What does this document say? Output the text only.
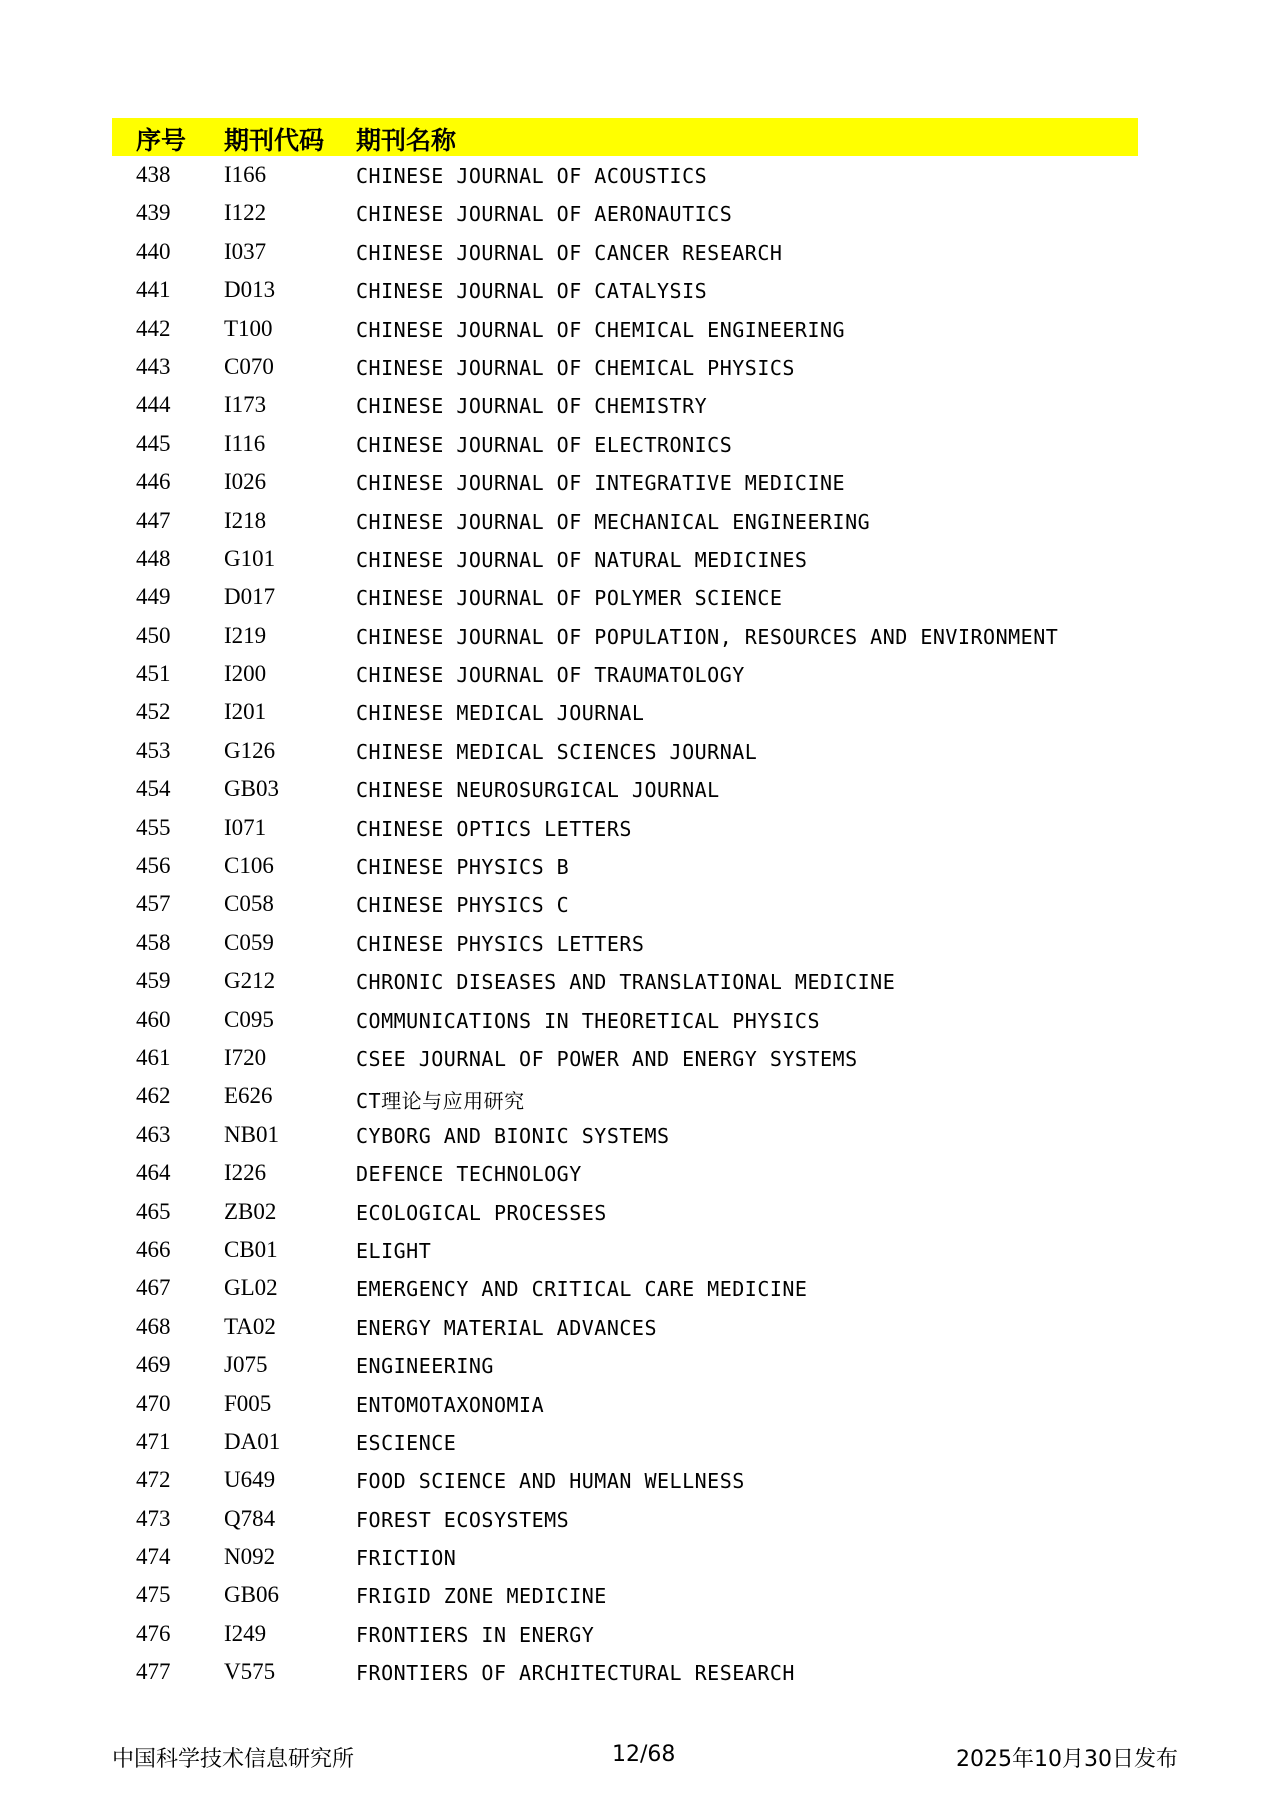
序号 期刊代码 期刊名称
438 I166	CHINESE JOURNAL OF ACOUSTICS
439 I122	CHINESE JOURNAL OF AERONAUTICS
440 I037	CHINESE JOURNAL OF CANCER RESEARCH
441 D013	CHINESE JOURNAL OF CATALYSIS
442 T100	CHINESE JOURNAL OF CHEMICAL ENGINEERING
443 C070	CHINESE JOURNAL OF CHEMICAL PHYSICS
444 I173	CHINESE JOURNAL OF CHEMISTRY
445 I116	CHINESE JOURNAL OF ELECTRONICS
446 I026	CHINESE JOURNAL OF INTEGRATIVE MEDICINE
447 I218	CHINESE JOURNAL OF MECHANICAL ENGINEERING
448 G101	CHINESE JOURNAL OF NATURAL MEDICINES
449 D017	CHINESE JOURNAL OF POLYMER SCIENCE
450 I219	CHINESE JOURNAL OF POPULATION, RESOURCES AND ENVIRONMENT
451 I200	CHINESE JOURNAL OF TRAUMATOLOGY
452 I201	CHINESE MEDICAL JOURNAL
453 G126	CHINESE MEDICAL SCIENCES JOURNAL
454 GB03	CHINESE NEUROSURGICAL JOURNAL
455 I071	CHINESE OPTICS LETTERS
456 C106	CHINESE PHYSICS B
457 C058	CHINESE PHYSICS C
458 C059	CHINESE PHYSICS LETTERS
459 G212	CHRONIC DISEASES AND TRANSLATIONAL MEDICINE
460 C095	COMMUNICATIONS IN THEORETICAL PHYSICS
461 I720	CSEE JOURNAL OF POWER AND ENERGY SYSTEMS
462 E626	CT理论与应用研究
463 NB01	CYBORG AND BIONIC SYSTEMS
464 I226	DEFENCE TECHNOLOGY
465 ZB02	ECOLOGICAL PROCESSES
466 CB01	ELIGHT
467 GL02	EMERGENCY AND CRITICAL CARE MEDICINE
468 TA02	ENERGY MATERIAL ADVANCES
469 J075	ENGINEERING
470 F005	ENTOMOTAXONOMIA
471 DA01	ESCIENCE
472 U649	FOOD SCIENCE AND HUMAN WELLNESS
473 Q784	FOREST ECOSYSTEMS
474 N092	FRICTION
475 GB06	FRIGID ZONE MEDICINE
476 I249	FRONTIERS IN ENERGY
477 V575	FRONTIERS OF ARCHITECTURAL RESEARCH
中国科学技术信息研究所	12/68	2025年10月30日发布
